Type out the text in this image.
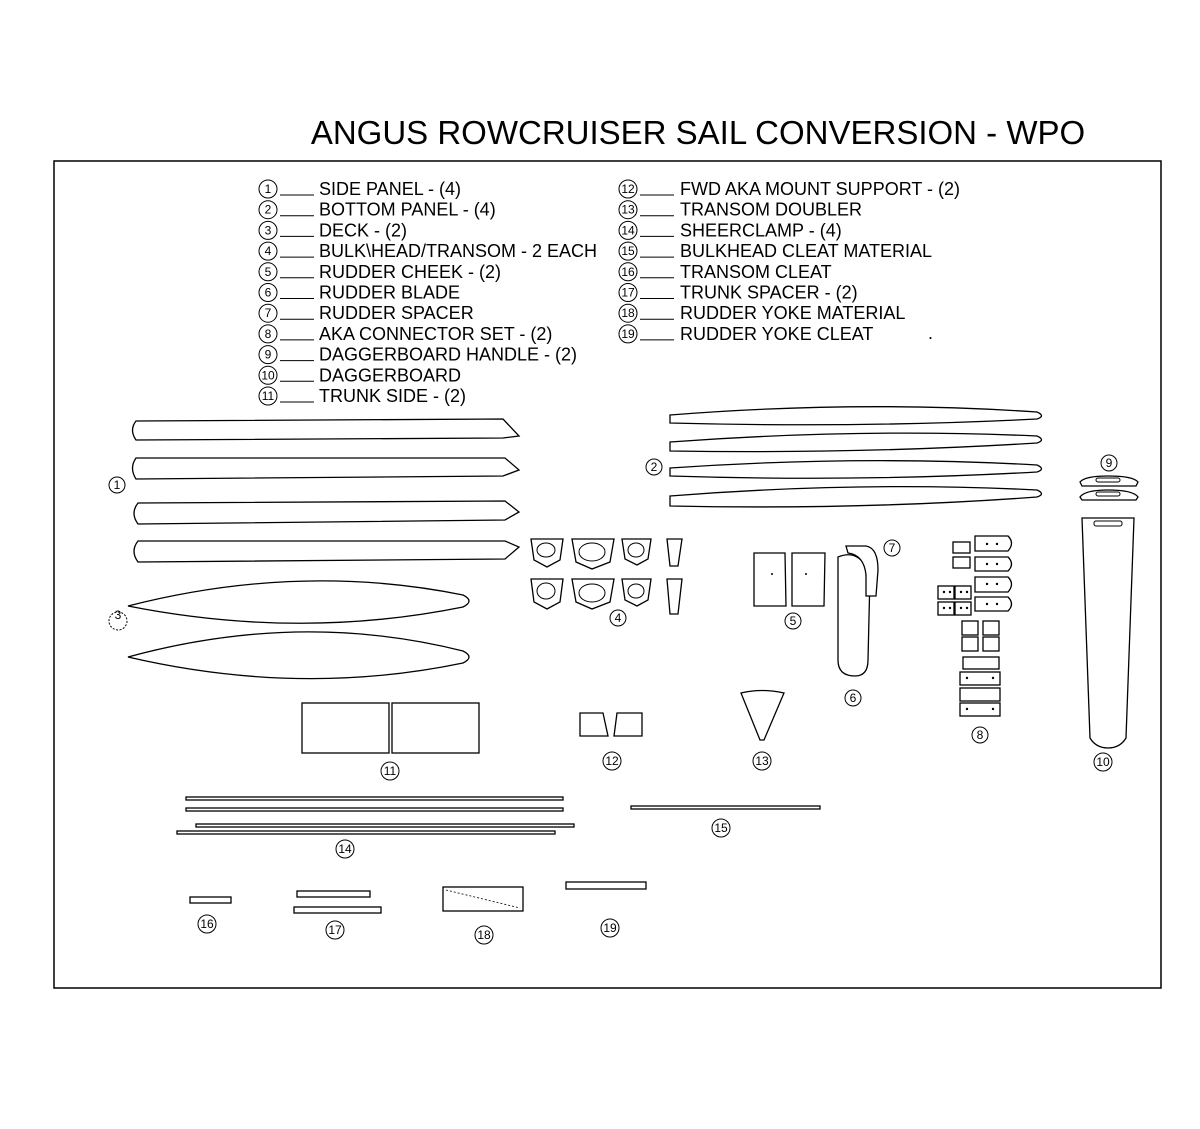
ANGUS ROWCRUISER SAIL CONVERSION - WPO
1	SIDE PANEL - (4)
2	BOTTOM PANEL - (4)
3	DECK - (2)
4	BULK\HEAD/TRANSOM - 2 EACH
5	RUDDER CHEEK - (2)
6	RUDDER BLADE
7	RUDDER SPACER
8	AKA CONNECTOR SET - (2)
9	DAGGERBOARD HANDLE - (2)
10 DAGGERBOARD
11 TRUNK SIDE - (2)
12	FWD AKA MOUNT SUPPORT - (2)
13	TRANSOM DOUBLER
14	SHEERCLAMP - (4)
15	BULKHEAD CLEAT MATERIAL
16	TRANSOM CLEAT
17	TRUNK SPACER - (2)
18	RUDDER YOKE MATERIAL
19	RUDDER YOKE CLEAT	.
1
2
3	4	5
6
7
8
9
10
11
12	13
14
15
16	17	18	19
